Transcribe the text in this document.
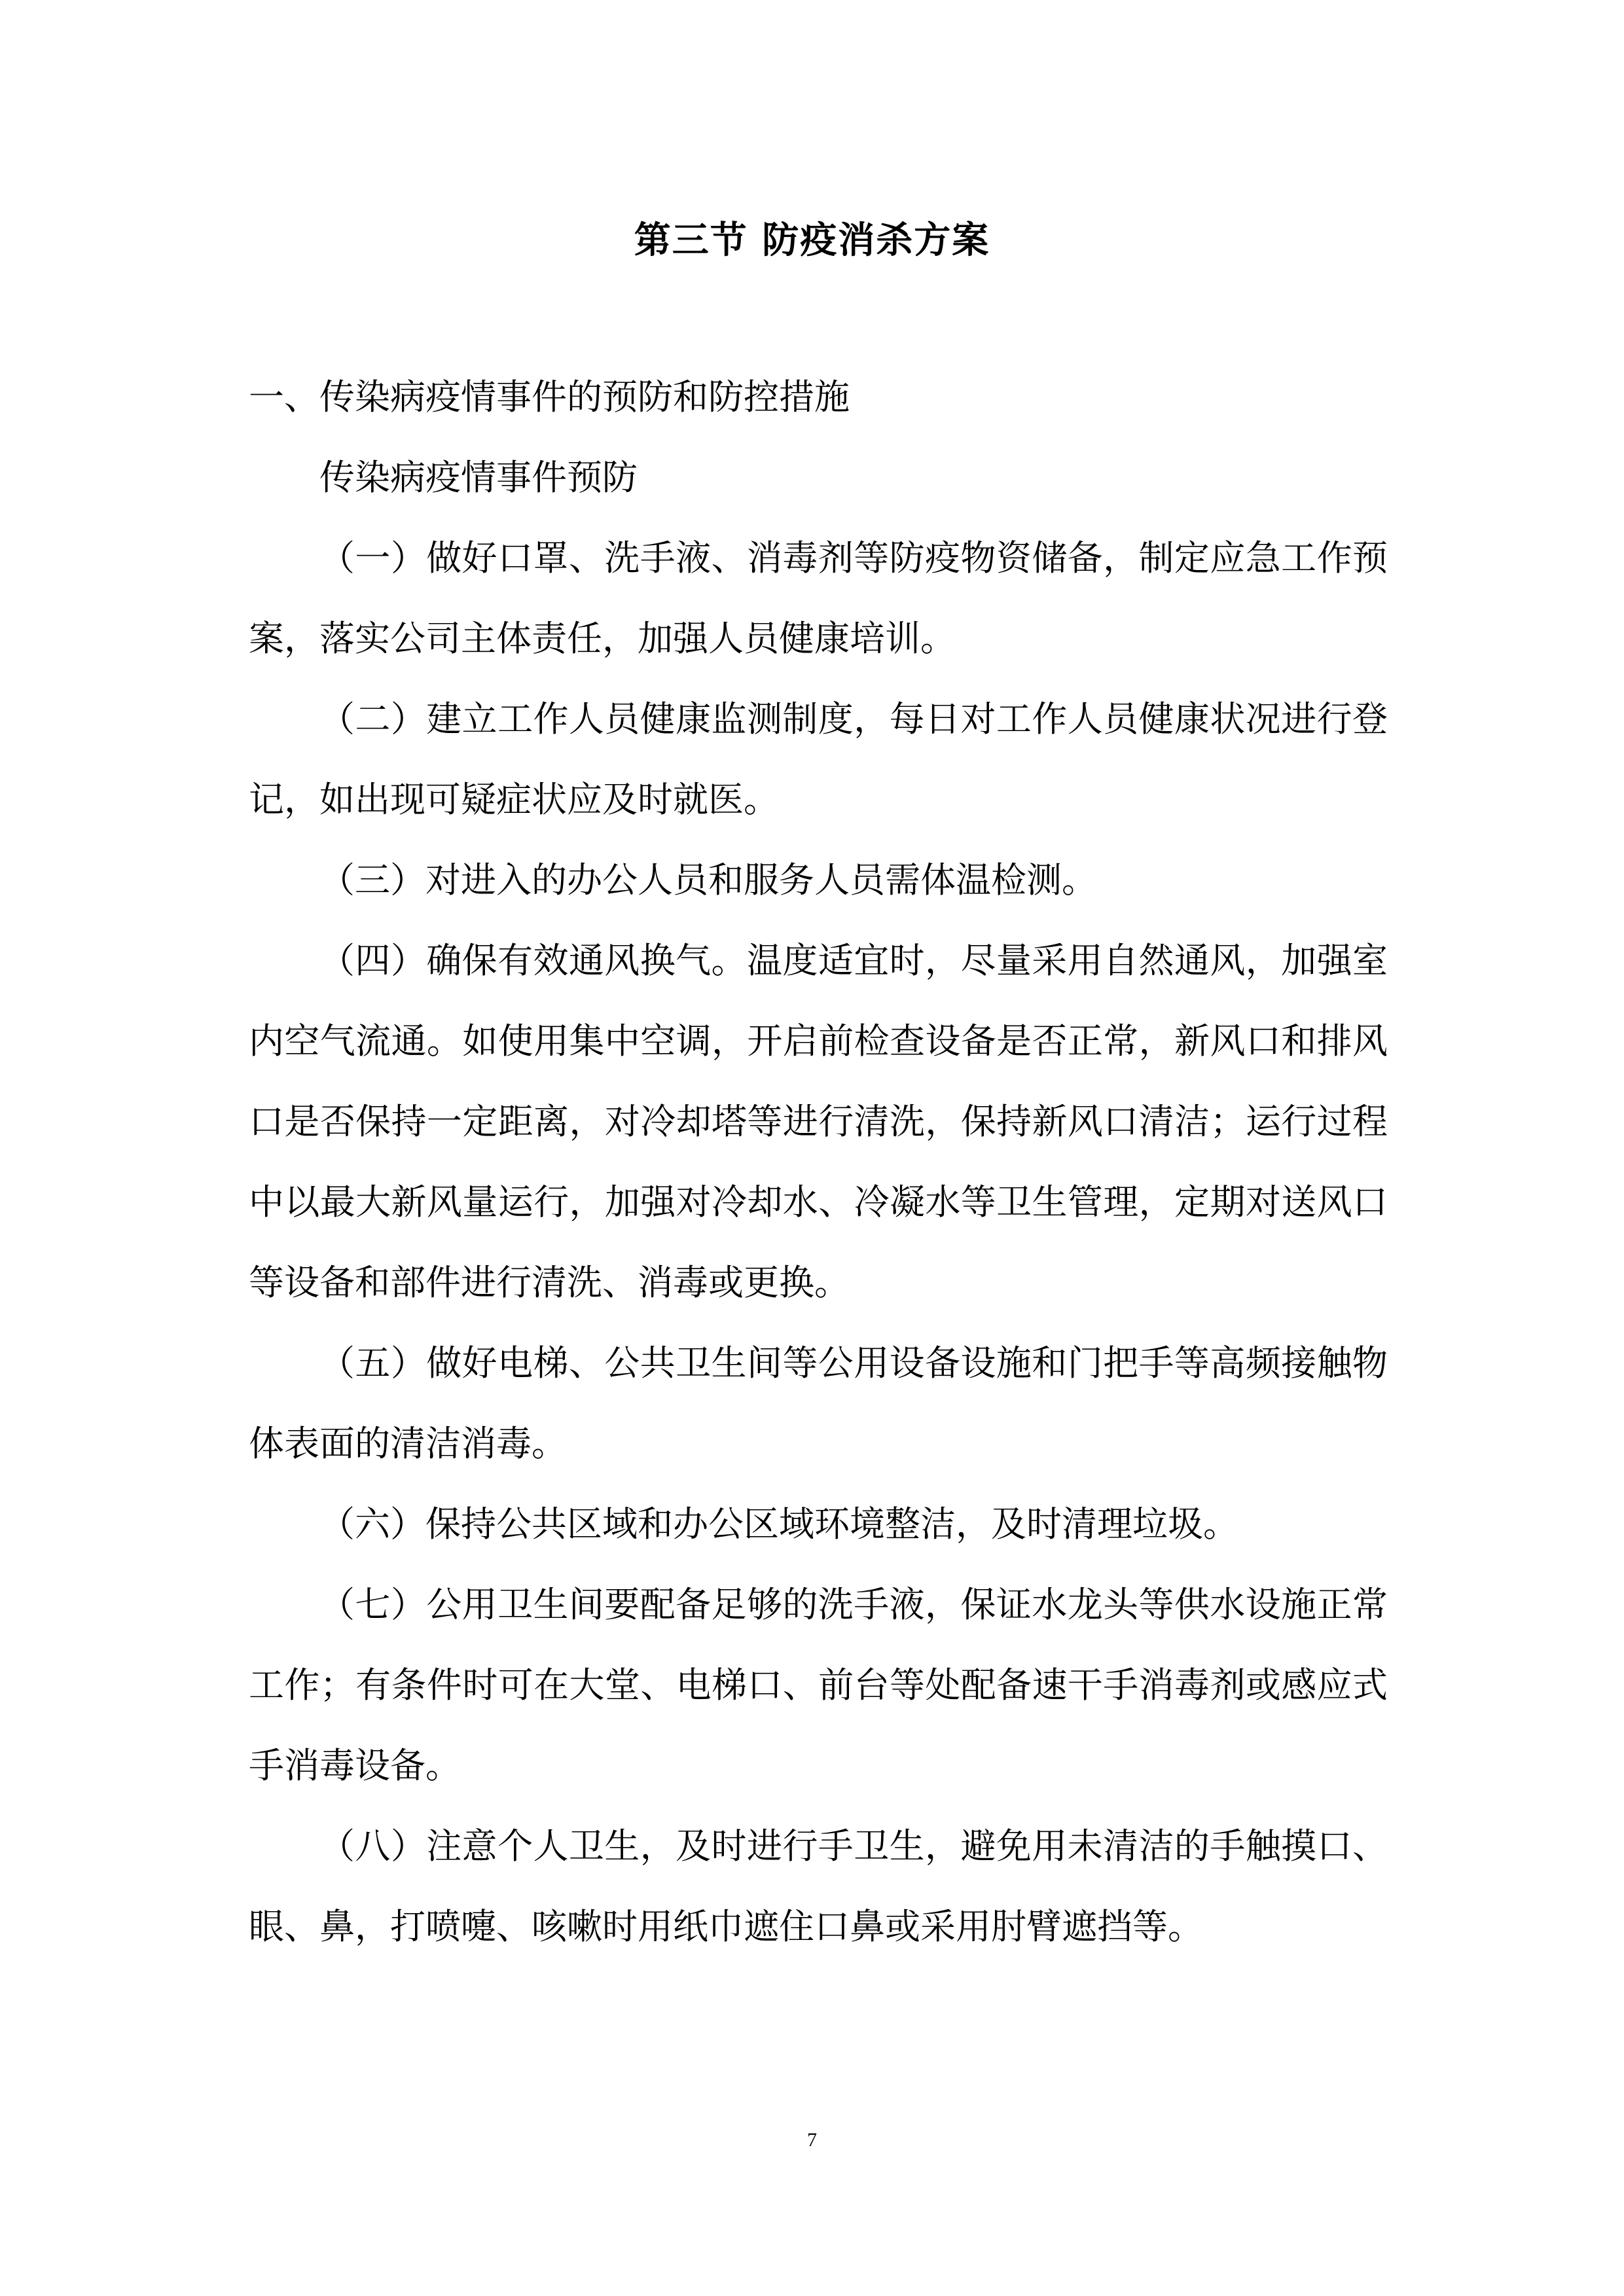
第三节 防疫消杀方案

一、传染病疫情事件的预防和防控措施

传染病疫情事件预防

（一）做好口罩、洗手液、消毒剂等防疫物资储备，制定应急工作预案，落实公司主体责任，加强人员健康培训。

（二）建立工作人员健康监测制度，每日对工作人员健康状况进行登记，如出现可疑症状应及时就医。

（三）对进入的办公人员和服务人员需体温检测。

（四）确保有效通风换气。温度适宜时，尽量采用自然通风，加强室内空气流通。如使用集中空调，开启前检查设备是否正常，新风口和排风口是否保持一定距离，对冷却塔等进行清洗，保持新风口清洁；运行过程中以最大新风量运行，加强对冷却水、冷凝水等卫生管理，定期对送风口等设备和部件进行清洗、消毒或更换。

（五）做好电梯、公共卫生间等公用设备设施和门把手等高频接触物体表面的清洁消毒。

（六）保持公共区域和办公区域环境整洁，及时清理垃圾。

（七）公用卫生间要配备足够的洗手液，保证水龙头等供水设施正常工作；有条件时可在大堂、电梯口、前台等处配备速干手消毒剂或感应式手消毒设备。

（八）注意个人卫生，及时进行手卫生，避免用未清洁的手触摸口、眼、鼻，打喷嚏、咳嗽时用纸巾遮住口鼻或采用肘臂遮挡等。

7
